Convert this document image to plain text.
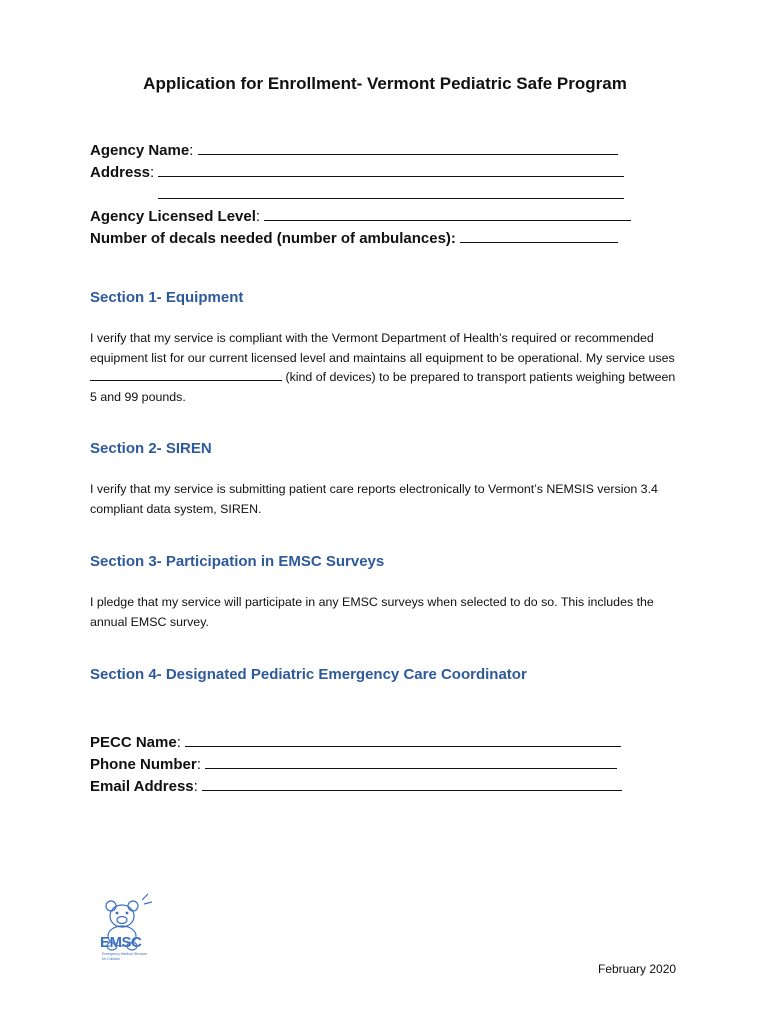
Application for Enrollment- Vermont Pediatric Safe Program
Agency Name:
Address:
Agency Licensed Level:
Number of decals needed (number of ambulances):
Section 1- Equipment
I verify that my service is compliant with the Vermont Department of Health’s required or recommended equipment list for our current licensed level and maintains all equipment to be operational. My service uses  (kind of devices) to be prepared to transport patients weighing between 5 and 99 pounds.
Section 2- SIREN
I verify that my service is submitting patient care reports electronically to Vermont’s NEMSIS version 3.4 compliant data system, SIREN.
Section 3- Participation in EMSC Surveys
I pledge that my service will participate in any EMSC surveys when selected to do so. This includes the annual EMSC survey.
Section 4- Designated Pediatric Emergency Care Coordinator
PECC Name:
Phone Number:
Email Address:
EMSC
Emergency Medical Services for Children
February 2020
